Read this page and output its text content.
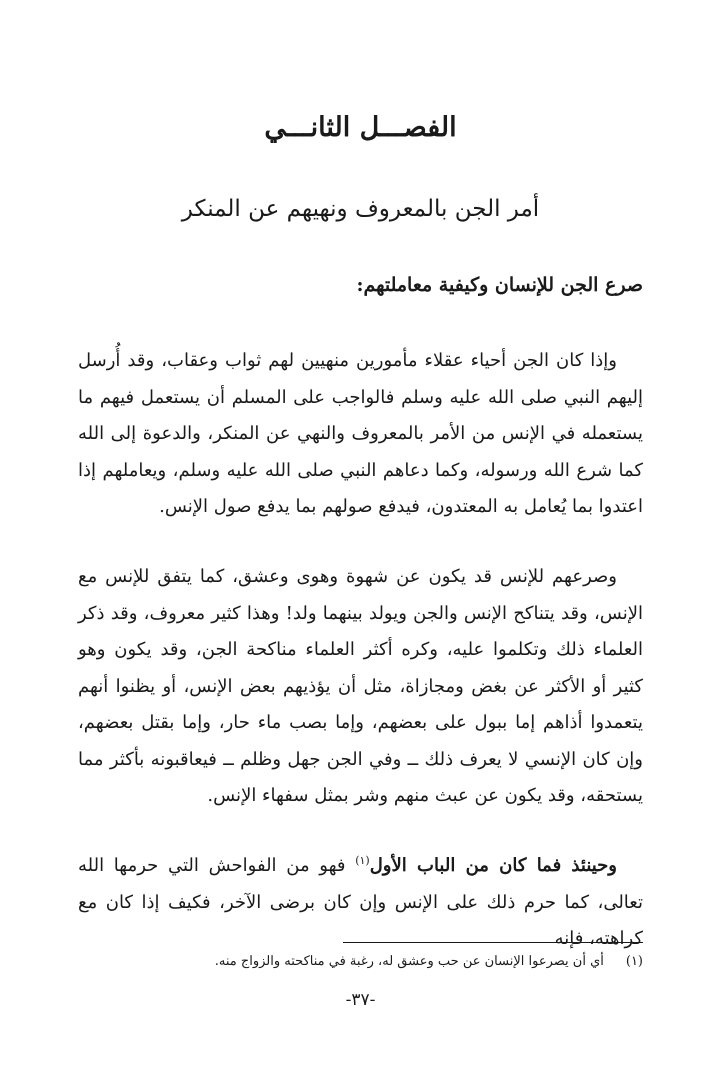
الفصـــل الثانـــي
أمر الجن بالمعروف ونهيهم عن المنكر
صرع الجن للإنسان وكيفية معاملتهم:
وإذا كان الجن أحياء عقلاء مأمورين منهيين لهم ثواب وعقاب، وقد أُرسل إليهم النبي صلى الله عليه وسلم فالواجب على المسلم أن يستعمل فيهم ما يستعمله في الإنس من الأمر بالمعروف والنهي عن المنكر، والدعوة إلى الله كما شرع الله ورسوله، وكما دعاهم النبي صلى الله عليه وسلم، ويعاملهم إذا اعتدوا بما يُعامل به المعتدون، فيدفع صولهم بما يدفع صول الإنس.
وصرعهم للإنس قد يكون عن شهوة وهوى وعشق، كما يتفق للإنس مع الإنس، وقد يتناكح الإنس والجن ويولد بينهما ولد! وهذا كثير معروف، وقد ذكر العلماء ذلك وتكلموا عليه، وكره أكثر العلماء مناكحة الجن، وقد يكون وهو كثير أو الأكثر عن بغض ومجازاة، مثل أن يؤذيهم بعض الإنس، أو يظنوا أنهم يتعمدوا أذاهم إما ببول على بعضهم، وإما بصب ماء حار، وإما بقتل بعضهم، وإن كان الإنسي لا يعرف ذلك ــ وفي الجن جهل وظلم ــ فيعاقبونه بأكثر مما يستحقه، وقد يكون عن عبث منهم وشر بمثل سفهاء الإنس.
وحينئذ فما كان من الباب الأول$^{(١)}$ فهو من الفواحش التي حرمها الله تعالى، كما حرم ذلك على الإنس وإن كان برضى الآخر، فكيف إذا كان مع كراهته، فإنه
(١)أي أن يصرعوا الإنسان عن حب وعشق له، رغبة في مناكحته والزواج منه.
-٣٧-
